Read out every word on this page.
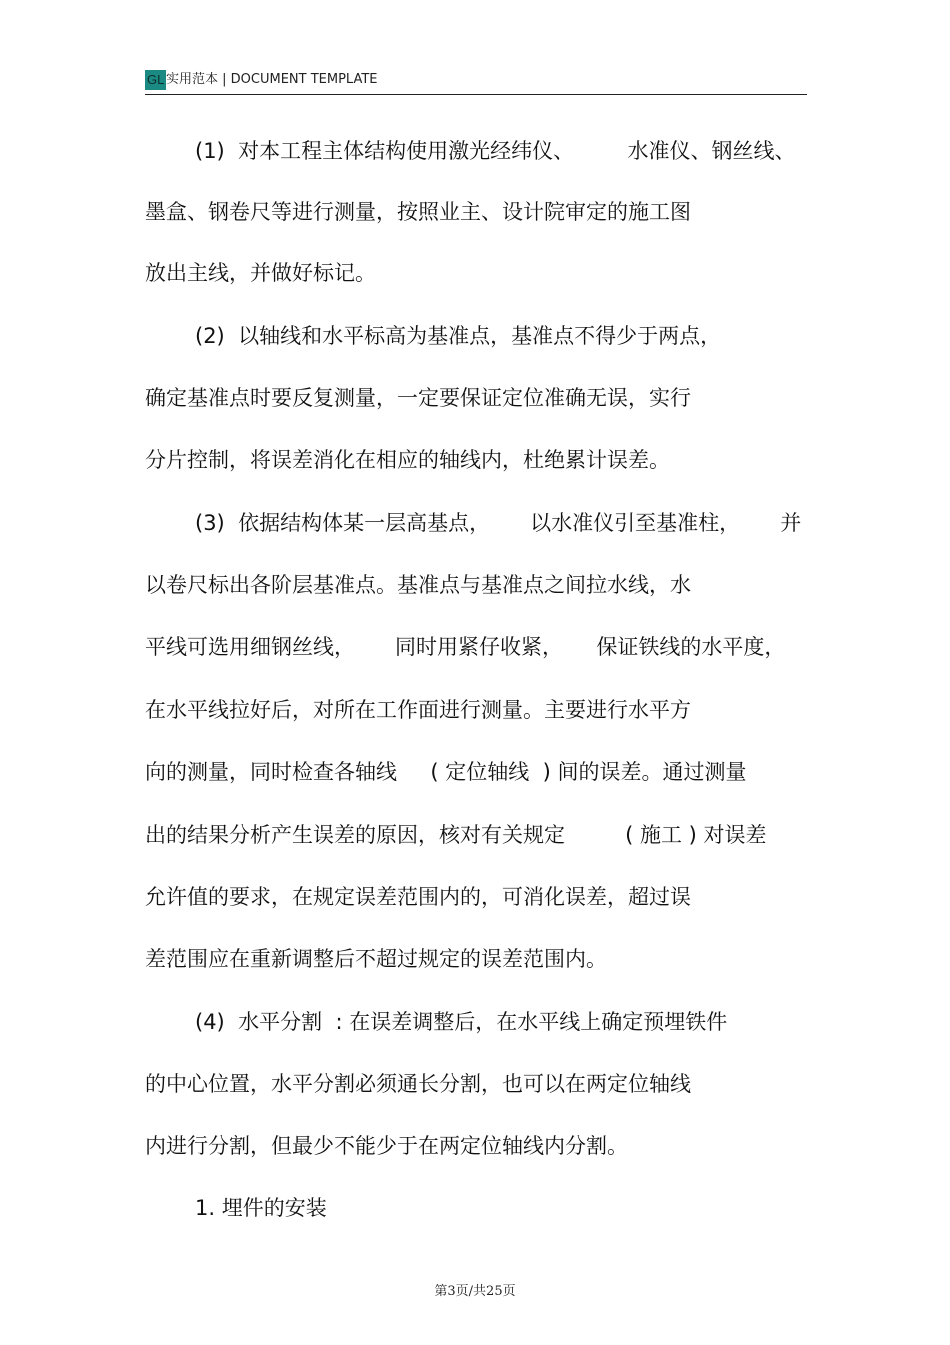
GL 实用范本 | DOCUMENT TEMPLATE
(1)  对本工程主体结构使用激光经纬仪、        水准仪、钢丝线、
墨盒、钢卷尺等进行测量，按照业主、设计院审定的施工图
放出主线，并做好标记。
(2)  以轴线和水平标高为基准点，基准点不得少于两点，
确定基准点时要反复测量，一定要保证定位准确无误，实行
分片控制，将误差消化在相应的轴线内，杜绝累计误差。
(3)  依据结构体某一层高基点，      以水准仪引至基准柱，      并
以卷尺标出各阶层基准点。基准点与基准点之间拉水线，水
平线可选用细钢丝线，      同时用紧仔收紧，     保证铁线的水平度，
在水平线拉好后，对所在工作面进行测量。主要进行水平方
向的测量，同时检查各轴线     ( 定位轴线  ) 间的误差。通过测量
出的结果分析产生误差的原因，核对有关规定         ( 施工 ) 对误差
允许值的要求，在规定误差范围内的，可消化误差，超过误
差范围应在重新调整后不超过规定的误差范围内。
(4)  水平分割  : 在误差调整后，在水平线上确定预埋铁件
的中心位置，水平分割必须通长分割，也可以在两定位轴线
内进行分割，但最少不能少于在两定位轴线内分割。
1. 埋件的安装
第3页/共25页
